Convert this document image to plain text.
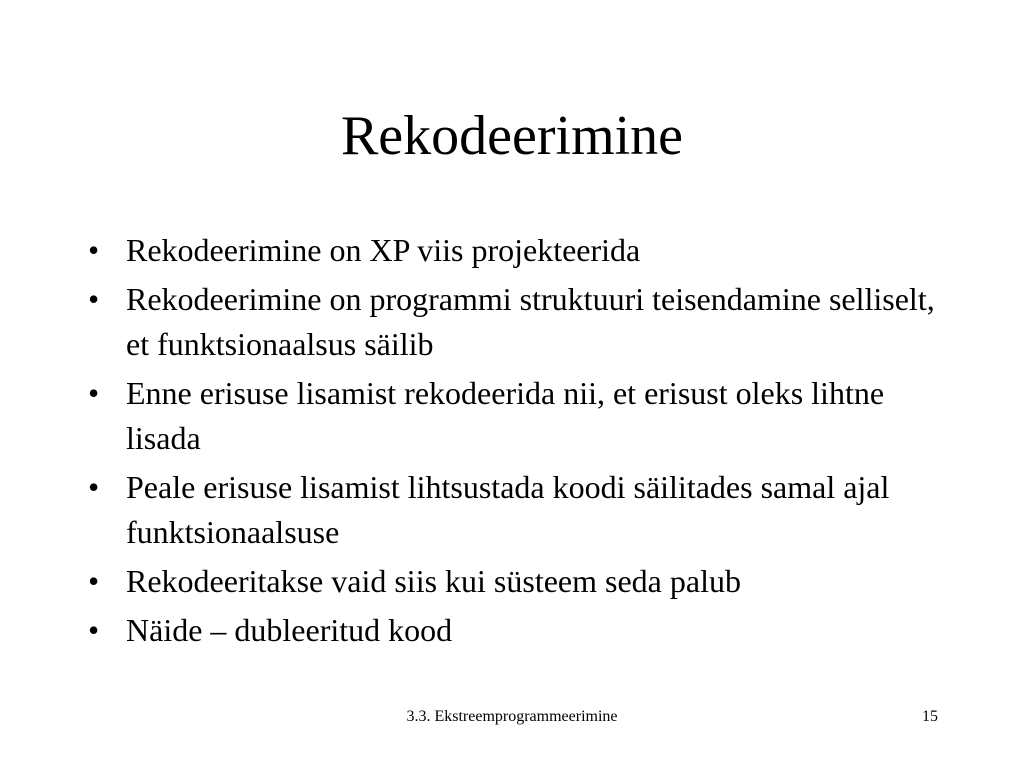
Rekodeerimine
• Rekodeerimine on XP viis projekteerida
• Rekodeerimine on programmi struktuuri teisendamine selliselt, et funktsionaalsus säilib
• Enne erisuse lisamist rekodeerida nii, et erisust oleks lihtne lisada
• Peale erisuse lisamist lihtsustada koodi säilitades samal ajal funktsionaalsuse
• Rekodeeritakse vaid siis kui süsteem seda palub
• Näide – dubleeritud kood
3.3. Ekstreemprogrammeerimine	15
